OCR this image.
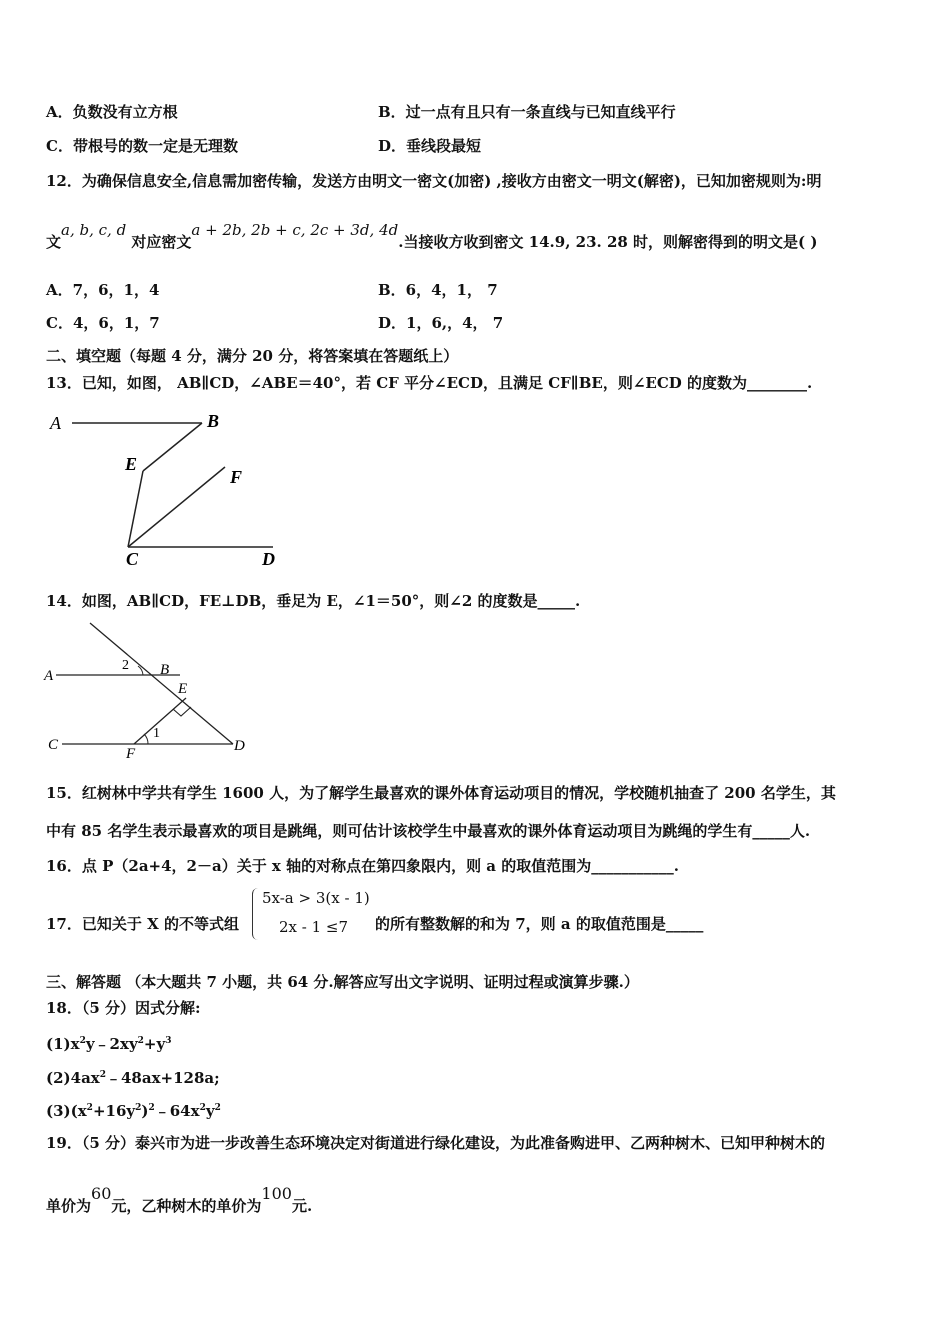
A．负数没有立方根	B．过一点有且只有一条直线与已知直线平行
C．带根号的数一定是无理数	D．垂线段最短
12．为确保信息安全,信息需加密传输，发送方由明文一密文(加密) ,接收方由密文一明文(解密)，已知加密规则为:明
文a, b, c, d 对应密文a + 2b, 2b + c, 2c + 3d, 4d.当接收方收到密文 14.9, 23. 28 时，则解密得到的明文是( )
A．7，6，1，4	B．6，4，1， 7
C．4，6，1，7	D．1，6,，4， 7
二、填空题（每题 4 分，满分 20 分，将答案填在答题纸上）
13．已知，如图， AB∥CD，∠ABE＝40°，若 CF 平分∠ECD，且满足 CF∥BE，则∠ECD 的度数为________.
A	B
E
F
C	D
14．如图，AB∥CD，FE⊥DB，垂足为 E，∠1＝50°，则∠2 的度数是_____.
A	B
E
C
F	D
1
2
15．红树林中学共有学生 1600 人，为了解学生最喜欢的课外体育运动项目的情况，学校随机抽查了 200 名学生，其
中有 85 名学生表示最喜欢的项目是跳绳，则可估计该校学生中最喜欢的课外体育运动项目为跳绳的学生有_____人.
16．点 P（2a+4，2－a）关于 x 轴的对称点在第四象限内，则 a 的取值范围为___________.
17．已知关于 X 的不等式组
5x-a > 3(x - 1)
2x - 1 ≤7 的所有整数解的和为 7，则 a 的取值范围是_____
三、解答题 （本大题共 7 小题，共 64 分.解答应写出文字说明、证明过程或演算步骤.）
18．（5 分）因式分解:
$(1)x^2y﹣2xy^2+y^3$
$(2)4ax^2﹣48ax+128a$;
$(3)(x^2+16y^2)^2﹣64x^2y^2$
19．（5 分）泰兴市为进一步改善生态环境决定对街道进行绿化建设，为此准备购进甲、乙两种树木、已知甲种树木的
单价为60元，乙种树木的单价为100元.
